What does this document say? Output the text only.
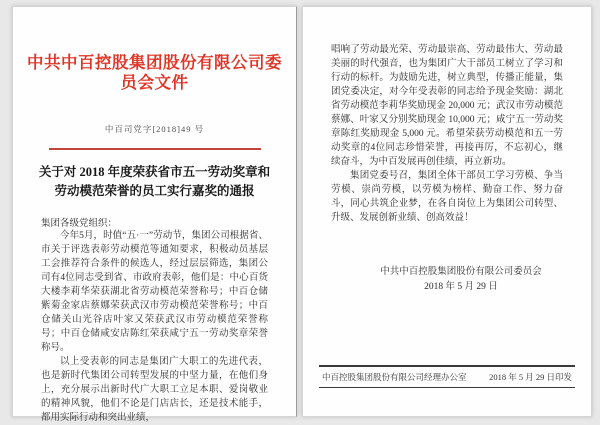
中共中百控股集团股份有限公司委员会文件
中百司党字[2018]49 号
关于对 2018 年度荣获省市五一劳动奖章和
劳动模范荣誉的员工实行嘉奖的通报
集团各级党组织：
今年5月，时值“五·一”劳动节，集团公司根据省、市关于评选表彰劳动模范等通知要求，积极动员基层工会推荐符合条件的候选人，经过层层筛选，集团公司有4位同志受到省、市政府表彰，他们是：中心百货大楼李莉华荣获湖北省劳动模范荣誉称号；中百仓储紫菊金家店蔡娜荣获武汉市劳动模范荣誉称号；中百仓储关山光谷店叶家又荣获武汉市劳动模范荣誉称号；中百仓储咸安店陈红荣获咸宁五一劳动奖章荣誉称号。
以上受表彰的同志是集团广大职工的先进代表，也是新时代集团公司转型发展的中坚力量，在他们身上，充分展示出新时代广大职工立足本职、爱岗敬业的精神风貌，他们不论是门店店长，还是技术能手，都用实际行动和突出业绩，
唱响了劳动最光荣、劳动最崇高、劳动最伟大、劳动最美丽的时代强音，也为集团广大干部员工树立了学习和行动的标杆。为鼓励先进，树立典型，传播正能量，集团党委决定，对今年受表彰的同志给予现金奖励：湖北省劳动模范李莉华奖励现金 20,000 元；武汉市劳动模范蔡娜、叶家又分别奖励现金 10,000 元；咸宁五一劳动奖章陈红奖励现金 5,000 元。希望荣获劳动模范和五一劳动奖章的4位同志珍惜荣誉，再接再厉，不忘初心，继续奋斗，为中百发展再创佳绩，再立新功。
集团党委号召，集团全体干部员工学习劳模、争当劳模、崇尚劳模，以劳模为榜样、勤奋工作、努力奋斗，同心共筑企业梦，在各自岗位上为集团公司转型、升级、发展创新业绩、创高效益！
中共中百控股集团股份有限公司委员会
2018 年 5 月 29 日
中百控股集团股份有限公司经理办公室	2018 年 5 月 29 日印发
